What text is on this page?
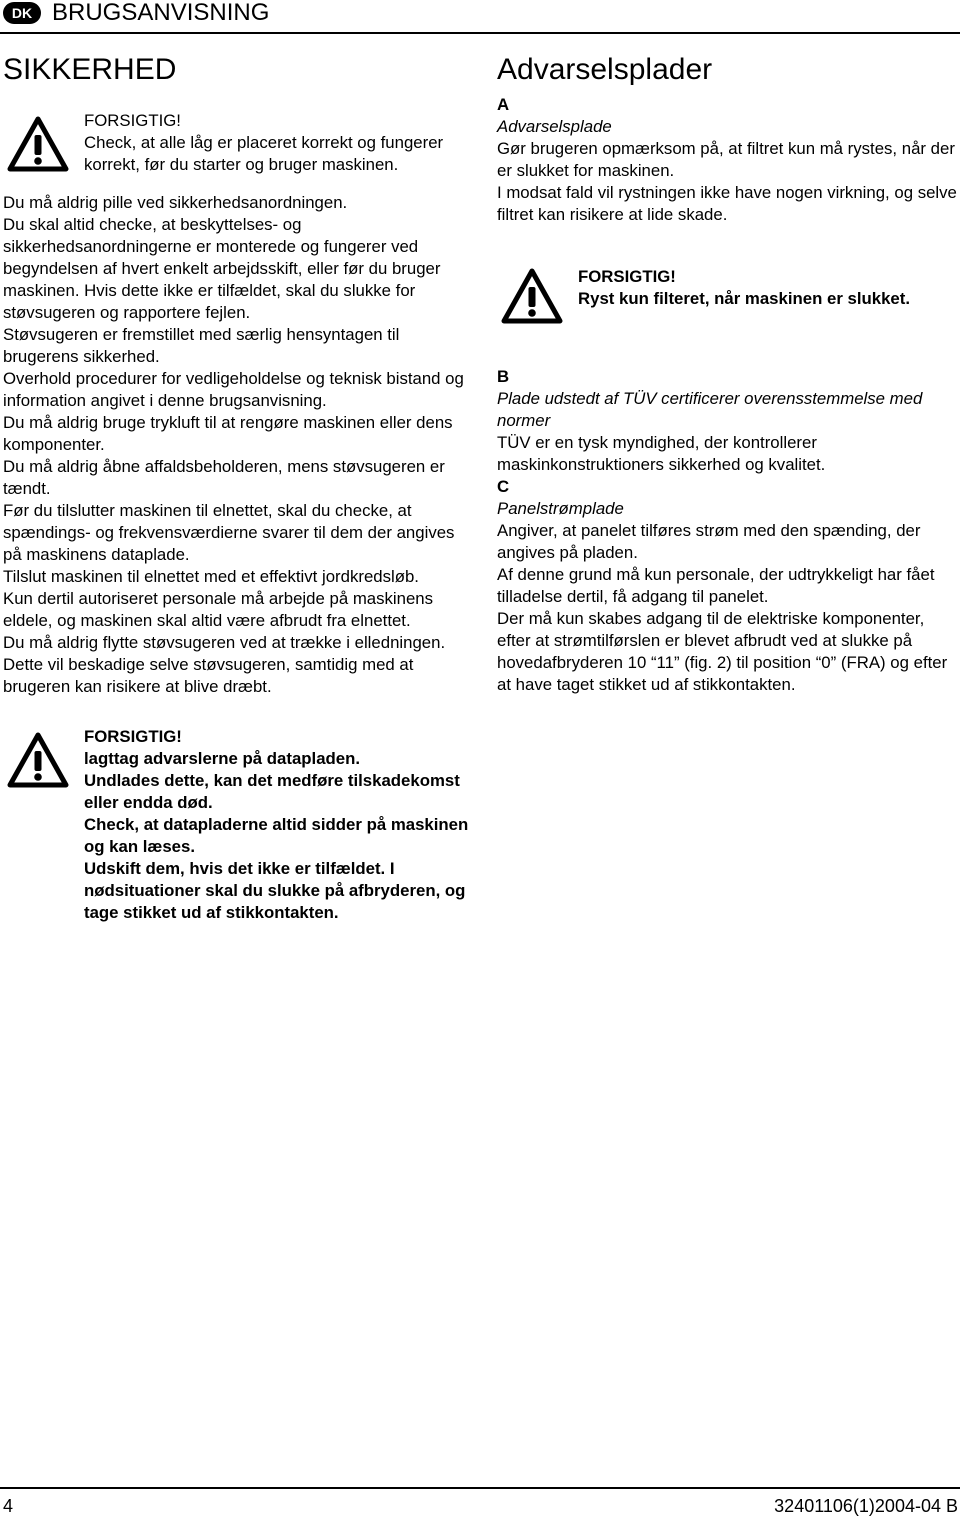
DK BRUGSANVISNING
SIKKERHED
FORSIGTIG!
Check, at alle låg er placeret korrekt og fungerer korrekt, før du starter og bruger maskinen.

Du må aldrig pille ved sikkerhedsanordningen.

Du skal altid checke, at beskyttelses- og sikkerhedsanordningerne er monterede og fungerer ved begyndelsen af hvert enkelt arbejdsskift, eller før du bruger maskinen. Hvis dette ikke er tilfældet, skal du slukke for støvsugeren og rapportere fejlen.

Støvsugeren er fremstillet med særlig hensyntagen til brugerens sikkerhed.

Overhold procedurer for vedligeholdelse og teknisk bistand og information angivet i denne brugsanvisning.

Du må aldrig bruge trykluft til at rengøre maskinen eller dens komponenter.

Du må aldrig åbne affaldsbeholderen, mens støvsugeren er tændt.

Før du tilslutter maskinen til elnettet, skal du checke, at spændings- og frekvensværdierne svarer til dem der angives på maskinens dataplade.

Tilslut maskinen til elnettet med et effektivt jordkredsløb.

Kun dertil autoriseret personale må arbejde på maskinens eldele, og maskinen skal altid være afbrudt fra elnettet.

Du må aldrig flytte støvsugeren ved at trække i elledningen. Dette vil beskadige selve støvsugeren, samtidig med at brugeren kan risikere at blive dræbt.

FORSIGTIG!
lagttag advarslerne på datapladen.
Undlades dette, kan det medføre tilskadekomst eller endda død.
Check, at datapladerne altid sidder på maskinen og kan læses.
Udskift dem, hvis det ikke er tilfældet. I nødsituationer skal du slukke på afbryderen, og tage stikket ud af stikkontakten.
Advarselsplader

A

Advarselsplade

Gør brugeren opmærksom på, at filtret kun må rystes, når der er slukket for maskinen.

I modsat fald vil rystningen ikke have nogen virkning, og selve filtret kan risikere at lide skade.

FORSIGTIG!
Ryst kun filteret, når maskinen er slukket.

B

Plade udstedt af TÜV certificerer overensstemmelse med normer

TÜV er en tysk myndighed, der kontrollerer maskinkonstruktioners sikkerhed og kvalitet.

C

Panelstrømplade

Angiver, at panelet tilføres strøm med den spænding, der angives på pladen.

Af denne grund må kun personale, der udtrykkeligt har fået tilladelse dertil, få adgang til panelet.

Der må kun skabes adgang til de elektriske komponenter, efter at strømtilførslen er blevet afbrudt ved at slukke på hovedafbryderen 10 “11” (fig. 2) til position “0” (FRA) og efter at have taget stikket ud af stikkontakten.

4	32401106(1)2004-04 B
